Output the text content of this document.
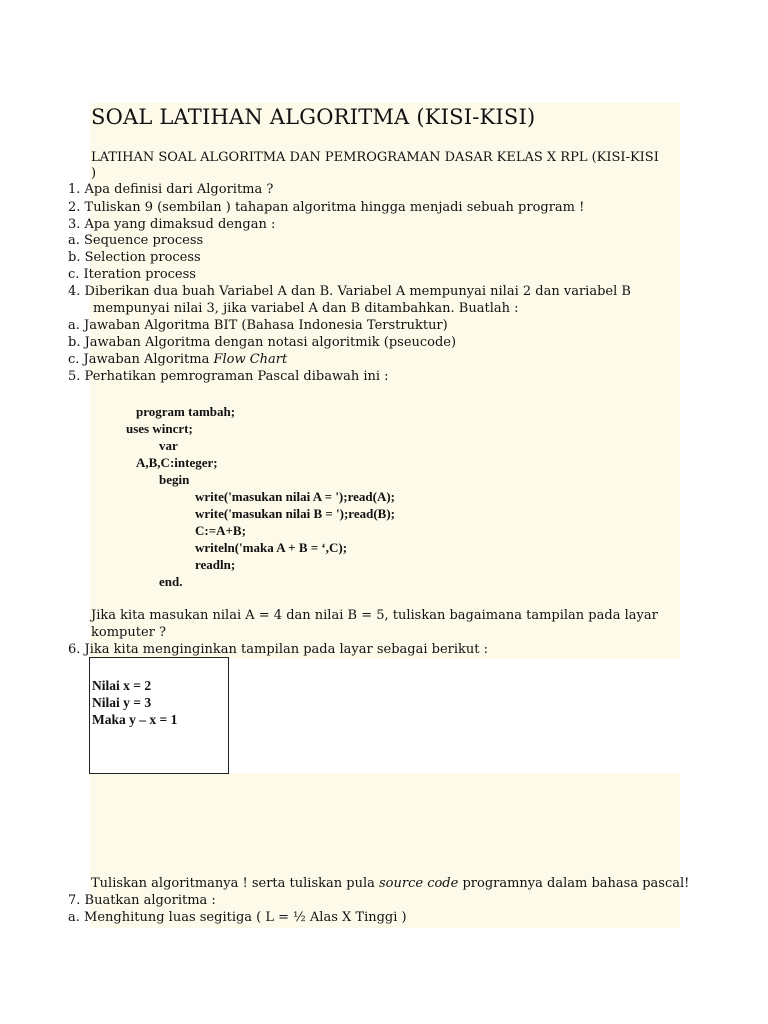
SOAL LATIHAN ALGORITMA (KISI-KISI)
LATIHAN SOAL ALGORITMA DAN PEMROGRAMAN DASAR KELAS X RPL (KISI-KISI
)
1. Apa definisi dari Algoritma ?
2. Tuliskan 9 (sembilan ) tahapan algoritma hingga menjadi sebuah program !
3. Apa yang dimaksud dengan :
a. Sequence process
b. Selection process
c. Iteration process
4. Diberikan dua buah Variabel A dan B. Variabel A mempunyai nilai 2 dan variabel B
mempunyai nilai 3, jika variabel A dan B ditambahkan. Buatlah :
a. Jawaban Algoritma BIT (Bahasa Indonesia Terstruktur)
b. Jawaban Algoritma dengan notasi algoritmik (pseucode)
c. Jawaban Algoritma Flow Chart
5. Perhatikan pemrograman Pascal dibawah ini :
program tambah;
uses wincrt;
var
A,B,C:integer;
begin
write('masukan nilai A = ');read(A);
write('masukan nilai B = ');read(B);
C:=A+B;
writeln('maka A + B = ‘,C);
readln;
end.
Jika kita masukan nilai A = 4 dan nilai B = 5, tuliskan bagaimana tampilan pada layar
komputer ?
6. Jika kita menginginkan tampilan pada layar sebagai berikut :
Nilai x = 2
Nilai y = 3
Maka y – x = 1
Tuliskan algoritmanya ! serta tuliskan pula source code programnya dalam bahasa pascal!
7. Buatkan algoritma :
a. Menghitung luas segitiga ( L = ½ Alas X Tinggi )
